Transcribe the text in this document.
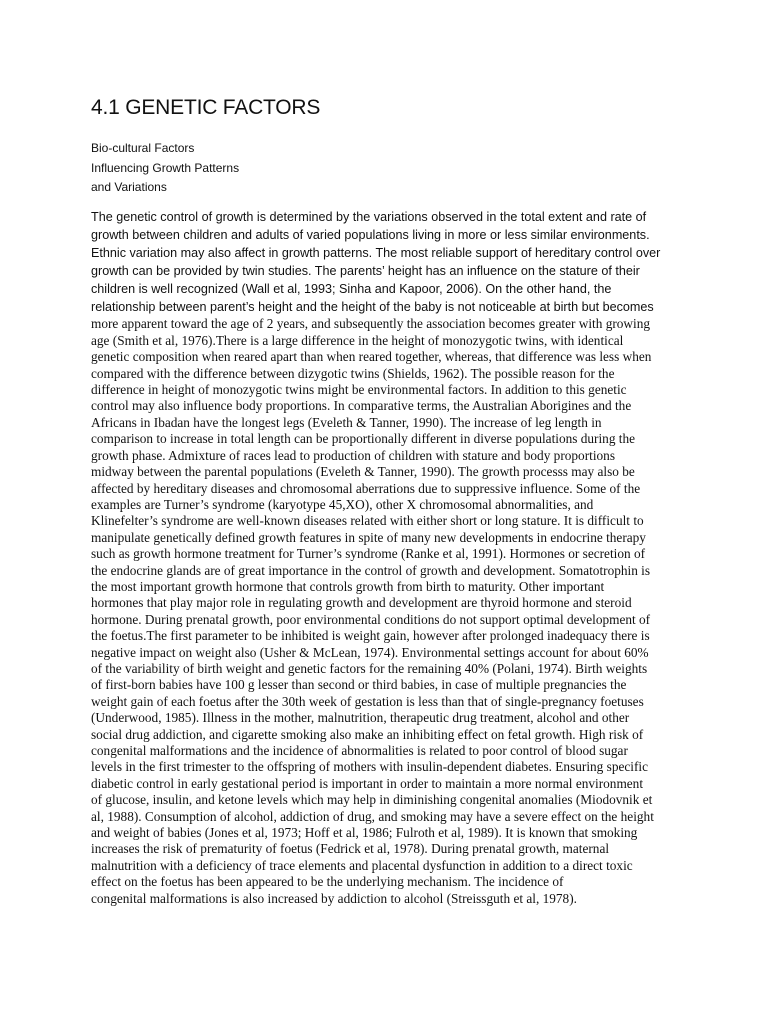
4.1 GENETIC FACTORS
Bio-cultural Factors
Influencing Growth Patterns
and Variations
The genetic control of growth is determined by the variations observed in the total extent and rate of
growth between children and adults of varied populations living in more or less similar environments.
Ethnic variation may also affect in growth patterns. The most reliable support of hereditary control over
growth can be provided by twin studies. The parents’ height has an influence on the stature of their
children is well recognized (Wall et al, 1993; Sinha and Kapoor, 2006). On the other hand, the
relationship between parent’s height and the height of the baby is not noticeable at birth but becomes
more apparent toward the age of 2 years, and subsequently the association becomes greater with growing
age (Smith et al, 1976).There is a large difference in the height of monozygotic twins, with identical
genetic composition when reared apart than when reared together, whereas, that difference was less when
compared with the difference between dizygotic twins (Shields, 1962). The possible reason for the
difference in height of monozygotic twins might be environmental factors. In addition to this genetic
control may also influence body proportions. In comparative terms, the Australian Aborigines and the
Africans in Ibadan have the longest legs (Eveleth & Tanner, 1990). The increase of leg length in
comparison to increase in total length can be proportionally different in diverse populations during the
growth phase. Admixture of races lead to production of children with stature and body proportions
midway between the parental populations (Eveleth & Tanner, 1990). The growth processs may also be
affected by hereditary diseases and chromosomal aberrations due to suppressive influence. Some of the
examples are Turner’s syndrome (karyotype 45,XO), other X chromosomal abnormalities, and
Klinefelter’s syndrome are well-known diseases related with either short or long stature. It is difficult to
manipulate genetically defined growth features in spite of many new developments in endocrine therapy
such as growth hormone treatment for Turner’s syndrome (Ranke et al, 1991). Hormones or secretion of
the endocrine glands are of great importance in the control of growth and development. Somatotrophin is
the most important growth hormone that controls growth from birth to maturity. Other important
hormones that play major role in regulating growth and development are thyroid hormone and steroid
hormone. During prenatal growth, poor environmental conditions do not support optimal development of
the foetus.The first parameter to be inhibited is weight gain, however after prolonged inadequacy there is
negative impact on weight also (Usher & McLean, 1974). Environmental settings account for about 60%
of the variability of birth weight and genetic factors for the remaining 40% (Polani, 1974). Birth weights
of first-born babies have 100 g lesser than second or third babies, in case of multiple pregnancies the
weight gain of each foetus after the 30th week of gestation is less than that of single-pregnancy foetuses
(Underwood, 1985). Illness in the mother, malnutrition, therapeutic drug treatment, alcohol and other
social drug addiction, and cigarette smoking also make an inhibiting effect on fetal growth. High risk of
congenital malformations and the incidence of abnormalities is related to poor control of blood sugar
levels in the first trimester to the offspring of mothers with insulin-dependent diabetes. Ensuring specific
diabetic control in early gestational period is important in order to maintain a more normal environment
of glucose, insulin, and ketone levels which may help in diminishing congenital anomalies (Miodovnik et
al, 1988). Consumption of alcohol, addiction of drug, and smoking may have a severe effect on the height
and weight of babies (Jones et al, 1973; Hoff et al, 1986; Fulroth et al, 1989). It is known that smoking
increases the risk of prematurity of foetus (Fedrick et al, 1978). During prenatal growth, maternal
malnutrition with a deficiency of trace elements and placental dysfunction in addition to a direct toxic
effect on the foetus has been appeared to be the underlying mechanism. The incidence of
congenital malformations is also increased by addiction to alcohol (Streissguth et al, 1978).
